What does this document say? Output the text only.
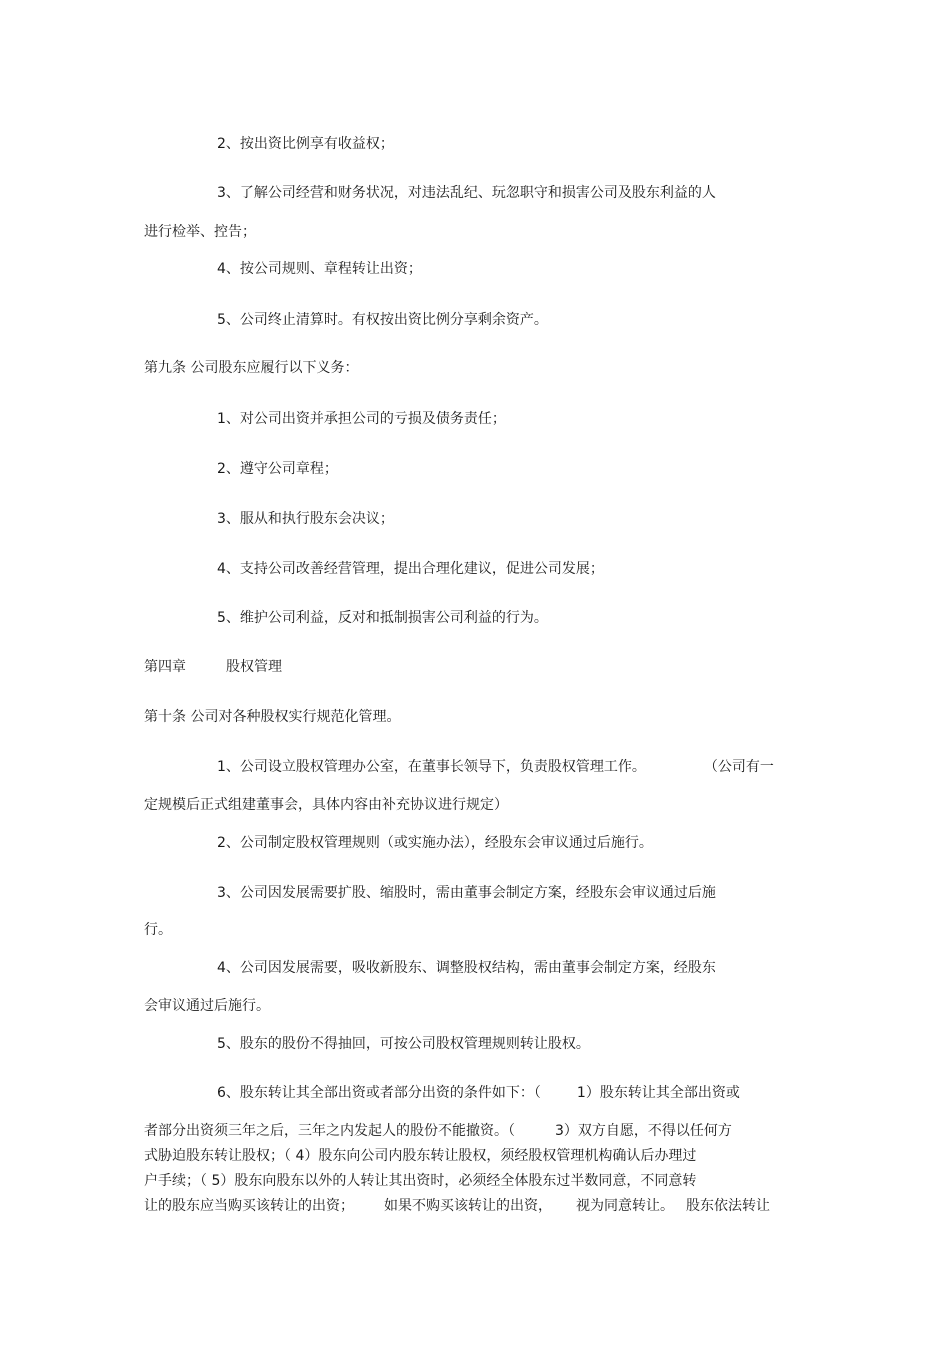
2、按出资比例享有收益权；

3、了解公司经营和财务状况，对违法乱纪、玩忽职守和损害公司及股东利益的人

进行检举、控告；

4、按公司规则、章程转让出资；

5、公司终止清算时。有权按出资比例分享剩余资产。

第九条 公司股东应履行以下义务：

1、对公司出资并承担公司的亏损及债务责任；

2、遵守公司章程；

3、服从和执行股东会决议；

4、支持公司改善经营管理，提出合理化建议，促进公司发展；

5、维护公司利益，反对和抵制损害公司利益的行为。

第四章	股权管理

第十条 公司对各种股权实行规范化管理。

1、公司设立股权管理办公室，在董事长领导下，负责股权管理工作。	（公司有一

定规模后正式组建董事会，具体内容由补充协议进行规定）

2、公司制定股权管理规则（或实施办法），经股东会审议通过后施行。

3、公司因发展需要扩股、缩股时，需由董事会制定方案，经股东会审议通过后施

行。

4、公司因发展需要，吸收新股东、调整股权结构，需由董事会制定方案，经股东

会审议通过后施行。

5、股东的股份不得抽回，可按公司股权管理规则转让股权。

6、股东转让其全部出资或者部分出资的条件如下：（	1）股东转让其全部出资或

者部分出资须三年之后，三年之内发起人的股份不能撤资。（	3）双方自愿，不得以任何方

式胁迫股东转让股权；（ 4）股东向公司内股东转让股权，须经股权管理机构确认后办理过

户手续；（ 5）股东向股东以外的人转让其出资时，必须经全体股东过半数同意，不同意转

让的股东应当购买该转让的出资； 如果不购买该转让的出资， 视为同意转让。 股东依法转让
